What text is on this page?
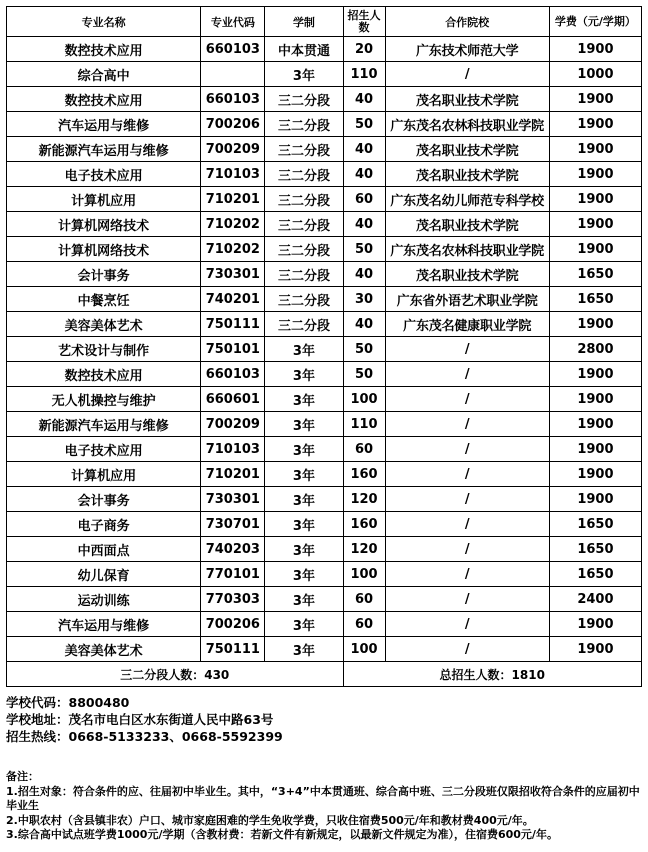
专业名称	专业代码	学制	招生人数	合作院校	学费（元/学期）
数控技术应用	660103	中本贯通	20	广东技术师范大学	1900
综合高中		3年	110	/	1000
数控技术应用	660103	三二分段	40	茂名职业技术学院	1900
汽车运用与维修	700206	三二分段	50	广东茂名农林科技职业学院	1900
新能源汽车运用与维修	700209	三二分段	40	茂名职业技术学院	1900
电子技术应用	710103	三二分段	40	茂名职业技术学院	1900
计算机应用	710201	三二分段	60	广东茂名幼儿师范专科学校	1900
计算机网络技术	710202	三二分段	40	茂名职业技术学院	1900
计算机网络技术	710202	三二分段	50	广东茂名农林科技职业学院	1900
会计事务	730301	三二分段	40	茂名职业技术学院	1650
中餐烹饪	740201	三二分段	30	广东省外语艺术职业学院	1650
美容美体艺术	750111	三二分段	40	广东茂名健康职业学院	1900
艺术设计与制作	750101	3年	50	/	2800
数控技术应用	660103	3年	50	/	1900
无人机操控与维护	660601	3年	100	/	1900
新能源汽车运用与维修	700209	3年	110	/	1900
电子技术应用	710103	3年	60	/	1900
计算机应用	710201	3年	160	/	1900
会计事务	730301	3年	120	/	1900
电子商务	730701	3年	160	/	1650
中西面点	740203	3年	120	/	1650
幼儿保育	770101	3年	100	/	1650
运动训练	770303	3年	60	/	2400
汽车运用与维修	700206	3年	60	/	1900
美容美体艺术	750111	3年	100	/	1900
三二分段人数：430			总招生人数：1810		
学校代码：8800480
学校地址：茂名市电白区水东街道人民中路63号
招生热线：0668-5133233、0668-5592399
备注：
1.招生对象：符合条件的应、往届初中毕业生。其中，“3+4”中本贯通班、综合高中班、三二分段班仅限招收符合条件的应届初中毕业生
2.中职农村（含县镇非农）户口、城市家庭困难的学生免收学费，只收住宿费500元/年和教材费400元/年。
3.综合高中试点班学费1000元/学期（含教材费：若新文件有新规定，以最新文件规定为准），住宿费600元/年。
